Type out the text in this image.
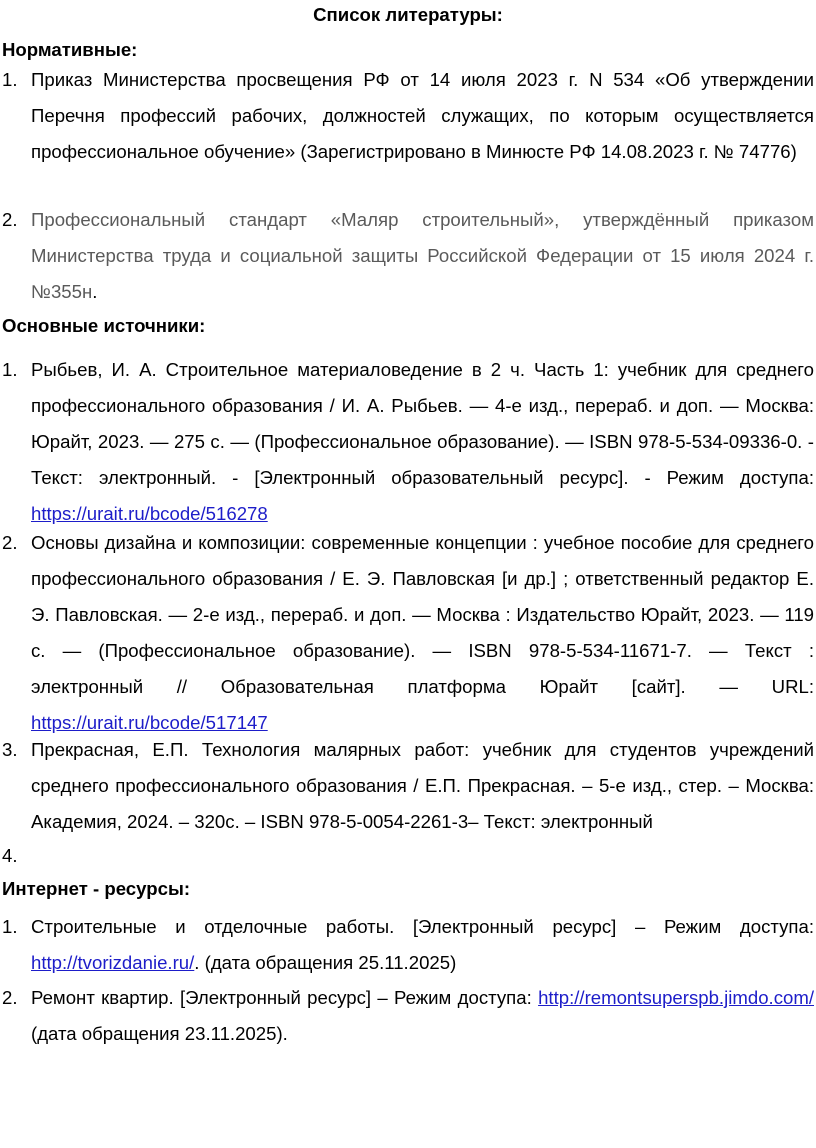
Список литературы:
Нормативные:
1. Приказ Министерства просвещения РФ от 14 июля 2023 г. N 534 «Об утверждении Перечня профессий рабочих, должностей служащих, по которым осуществляется профессиональное обучение» (Зарегистрировано в Минюсте РФ 14.08.2023 г. № 74776)
2. Профессиональный стандарт «Маляр строительный», утверждённый приказом Министерства труда и социальной защиты Российской Федерации от 15 июля 2024 г. №355н.
Основные источники:
1. Рыбьев, И. А. Строительное материаловедение в 2 ч. Часть 1: учебник для среднего профессионального образования / И. А. Рыбьев. — 4-е изд., перераб. и доп. — Москва: Юрайт, 2023. — 275 с. — (Профессиональное образование). — ISBN 978-5-534-09336-0. - Текст: электронный. - [Электронный образовательный ресурс]. - Режим доступа: https://urait.ru/bcode/516278
2. Основы дизайна и композиции: современные концепции : учебное пособие для среднего профессионального образования / Е. Э. Павловская [и др.] ; ответственный редактор Е. Э. Павловская. — 2-е изд., перераб. и доп. — Москва : Издательство Юрайт, 2023. — 119 с. — (Профессиональное образование). — ISBN 978-5-534-11671-7. — Текст : электронный // Образовательная платформа Юрайт [сайт]. — URL: https://urait.ru/bcode/517147
3. Прекрасная, Е.П. Технология малярных работ: учебник для студентов учреждений среднего профессионального образования / Е.П. Прекрасная. – 5-е изд., стер. – Москва: Академия, 2024. – 320с. – ISBN 978-5-0054-2261-3– Текст: электронный
4.
Интернет - ресурсы:
1. Строительные и отделочные работы. [Электронный ресурс] – Режим доступа: http://tvorizdanie.ru/. (дата обращения 25.11.2025)
2. Ремонт квартир. [Электронный ресурс] – Режим доступа: http://remontsuperspb.jimdo.com/ (дата обращения 23.11.2025).
